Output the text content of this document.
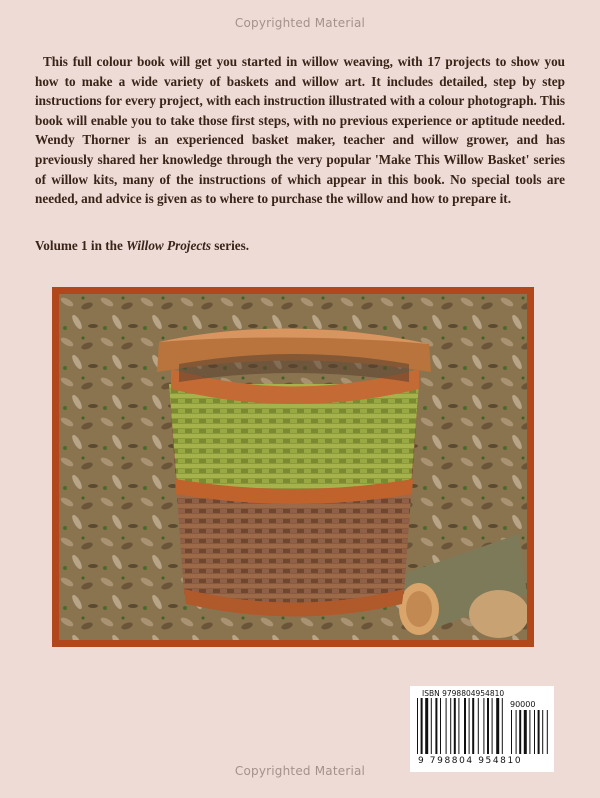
Copyrighted Material

This full colour book will get you started in willow weaving, with 17 projects to show you how to make a wide variety of baskets and willow art. It includes detailed, step by step instructions for every project, with each instruction illustrated with a colour photograph. This book will enable you to take those first steps, with no previous experience or aptitude needed. Wendy Thorner is an experienced basket maker, teacher and willow grower, and has previously shared her knowledge through the very popular 'Make This Willow Basket' series of willow kits, many of the instructions of which appear in this book. No special tools are needed, and advice is given as to where to purchase the willow and how to prepare it.

Volume 1 in the Willow Projects series.
ISBN 9798804954810
90000
9 798804 954810
Copyrighted Material
